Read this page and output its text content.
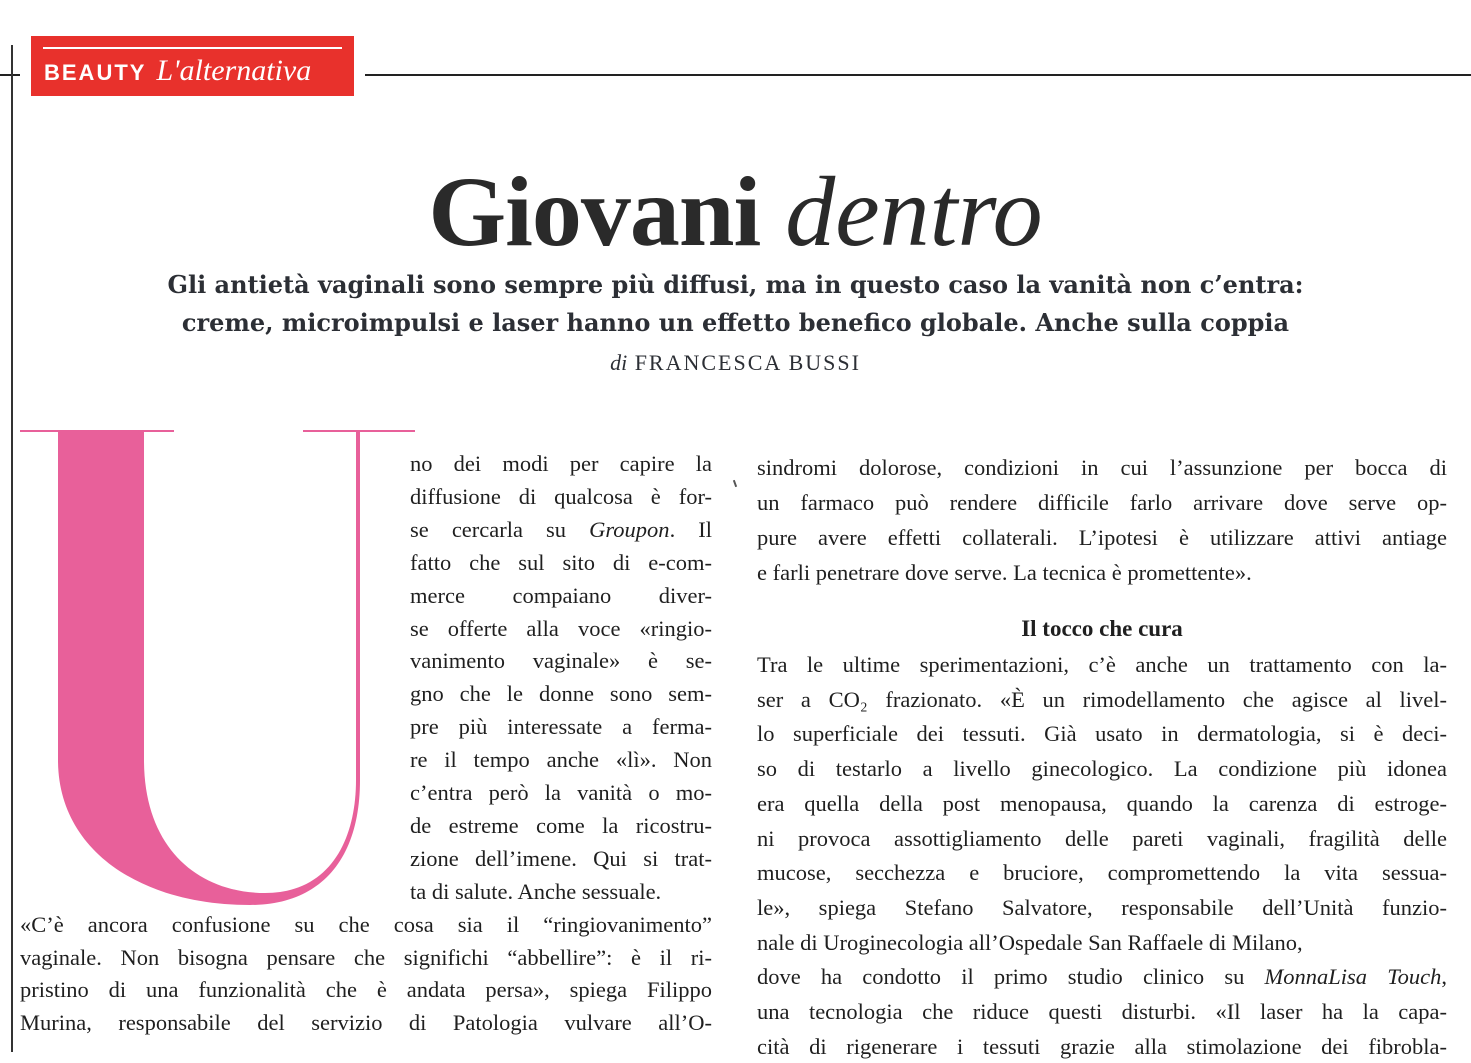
BEAUTY L'alternativa
Giovani dentro
Gli antietà vaginali sono sempre più diffusi, ma in questo caso la vanità non c’entra:
creme, microimpulsi e laser hanno un effetto benefico globale. Anche sulla coppia
di FRANCESCA BUSSI
no dei modi per capire la
diffusione di qualcosa è for-
se cercarla su Groupon. Il
fatto che sul sito di e-com-
merce compaiano diver-
se offerte alla voce «ringio-
vanimento vaginale» è se-
gno che le donne sono sem-
pre più interessate a ferma-
re il tempo anche «lì». Non
c’entra però la vanità o mo-
de estreme come la ricostru-
zione dell’imene. Qui si trat-
ta di salute. Anche sessuale.
«C’è ancora confusione su che cosa sia il “ringiovanimento”
vaginale. Non bisogna pensare che significhi “abbellire”: è il ri-
pristino di una funzionalità che è andata persa», spiega Filippo
Murina, responsabile del servizio di Patologia vulvare all’O-
sindromi dolorose, condizioni in cui l’assunzione per bocca di
un farmaco può rendere difficile farlo arrivare dove serve op-
pure avere effetti collaterali. L’ipotesi è utilizzare attivi antiage
e farli penetrare dove serve. La tecnica è promettente».
Il tocco che cura
Tra le ultime sperimentazioni, c’è anche un trattamento con la-
ser a CO₂ frazionato. «È un rimodellamento che agisce al livel-
lo superficiale dei tessuti. Già usato in dermatologia, si è deci-
so di testarlo a livello ginecologico. La condizione più idonea
era quella della post menopausa, quando la carenza di estroge-
ni provoca assottigliamento delle pareti vaginali, fragilità delle
mucose, secchezza e bruciore, compromettendo la vita sessua-
le», spiega Stefano Salvatore, responsabile dell’Unità funzio-
nale di Uroginecologia all’Ospedale San Raffaele di Milano,
dove ha condotto il primo studio clinico su MonnaLisa Touch,
una tecnologia che riduce questi disturbi. «Il laser ha la capa-
cità di rigenerare i tessuti grazie alla stimolazione dei fibrobla-
